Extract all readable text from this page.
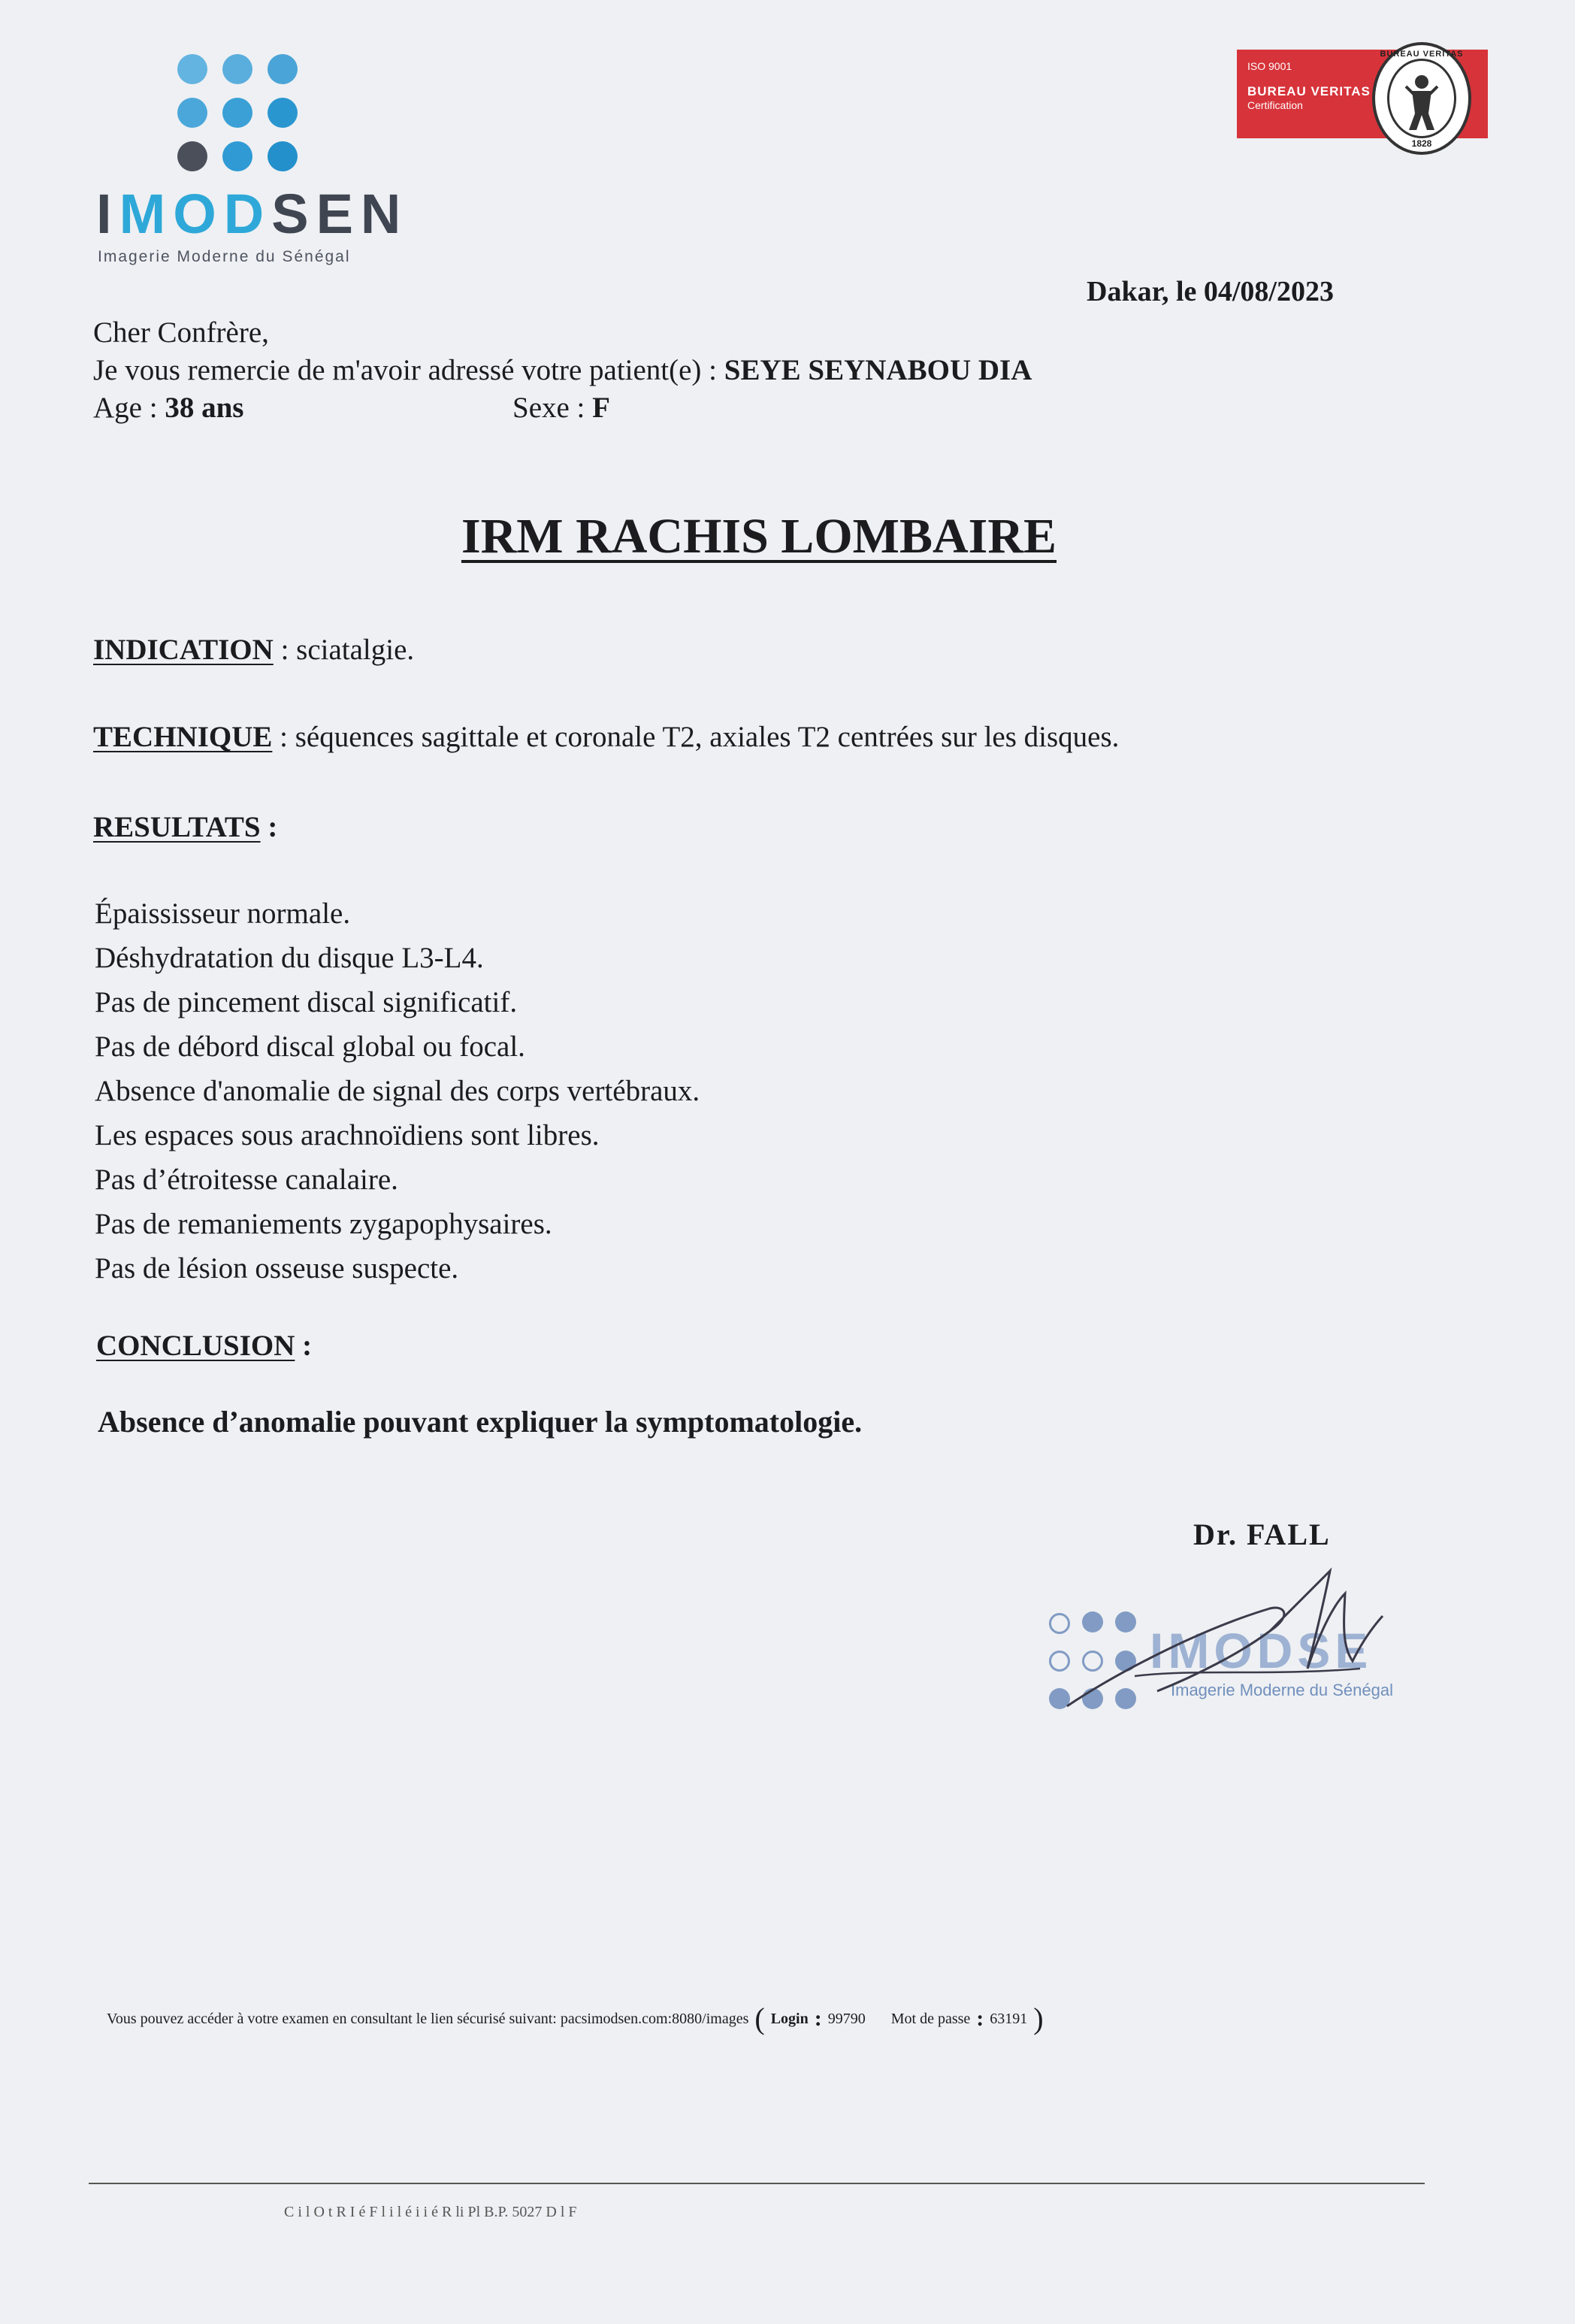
IMODSEN
Imagerie Moderne du Sénégal
ISO 9001
BUREAU VERITAS
Certification
BUREAU VERITAS
1828
Dakar, le 04/08/2023
Cher Confrère,
Je vous remercie de m'avoir adressé votre patient(e) : SEYE SEYNABOU DIA
Age : 38 ans	Sexe : F
IRM RACHIS LOMBAIRE
INDICATION : sciatalgie.
TECHNIQUE : séquences sagittale et coronale T2, axiales T2 centrées sur les disques.
RESULTATS :
Épaississeur normale.
Déshydratation du disque L3-L4.
Pas de pincement discal significatif.
Pas de débord discal global ou focal.
Absence d'anomalie de signal des corps vertébraux.
Les espaces sous arachnoïdiens sont libres.
Pas d’étroitesse canalaire.
Pas de remaniements zygapophysaires.
Pas de lésion osseuse suspecte.
CONCLUSION :
Absence d’anomalie pouvant expliquer la symptomatologie.
Dr. FALL
IMODSE
Imagerie Moderne du Sénégal
Vous pouvez accéder à votre examen en consultant le lien sécurisé suivant: pacsimodsen.com:8080/images ( Login : 99790 Mot de passe : 63191 )
C i l O t R I é F l i l é i i é R li Pl B.P. 5027 D l F
